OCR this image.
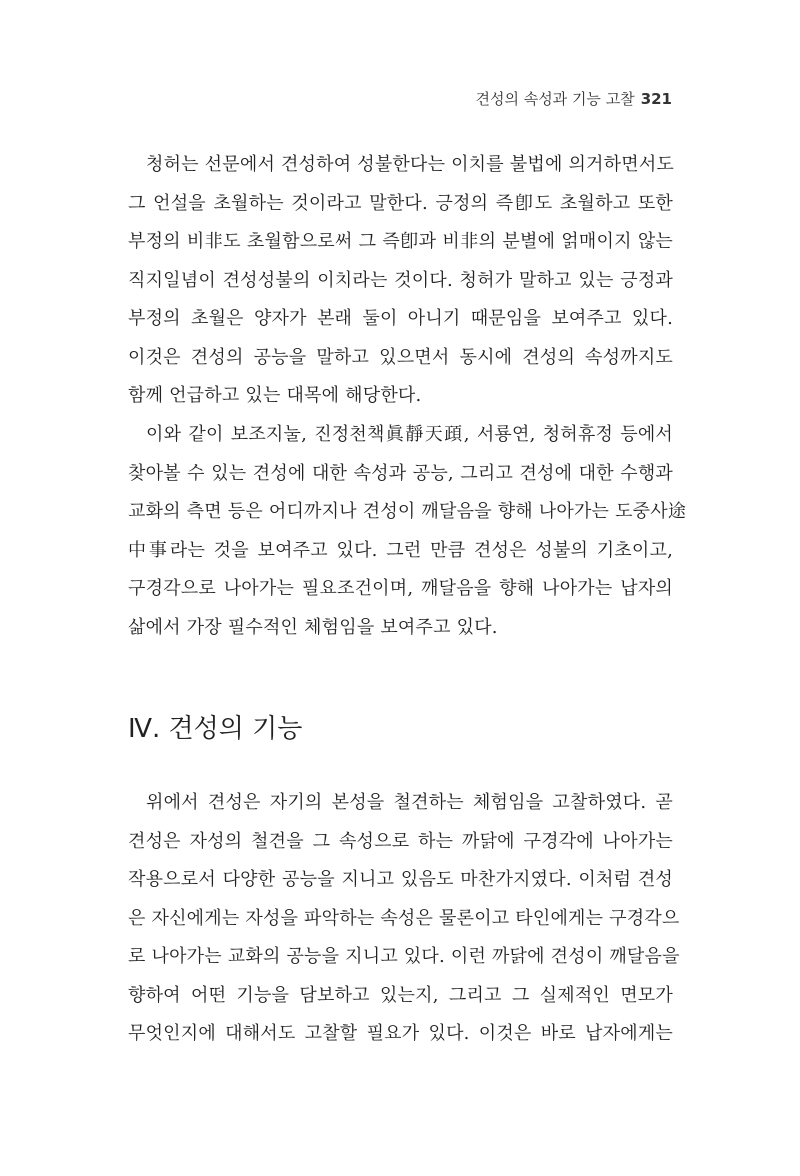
견성의 속성과 기능 고찰 321
청허는 선문에서 견성하여 성불한다는 이치를 불법에 의거하면서도
그 언설을 초월하는 것이라고 말한다. 긍정의 즉卽도 초월하고 또한
부정의 비非도 초월함으로써 그 즉卽과 비非의 분별에 얽매이지 않는
직지일념이 견성성불의 이치라는 것이다. 청허가 말하고 있는 긍정과
부정의 초월은 양자가 본래 둘이 아니기 때문임을 보여주고 있다.
이것은 견성의 공능을 말하고 있으면서 동시에 견성의 속성까지도
함께 언급하고 있는 대목에 해당한다.
이와 같이 보조지눌, 진정천책眞靜天頙, 서룡연, 청허휴정 등에서
찾아볼 수 있는 견성에 대한 속성과 공능, 그리고 견성에 대한 수행과
교화의 측면 등은 어디까지나 견성이 깨달음을 향해 나아가는 도중사途
中事라는 것을 보여주고 있다. 그런 만큼 견성은 성불의 기초이고,
구경각으로 나아가는 필요조건이며, 깨달음을 향해 나아가는 납자의
삶에서 가장 필수적인 체험임을 보여주고 있다.
Ⅳ. 견성의 기능
위에서 견성은 자기의 본성을 철견하는 체험임을 고찰하였다. 곧
견성은 자성의 철견을 그 속성으로 하는 까닭에 구경각에 나아가는
작용으로서 다양한 공능을 지니고 있음도 마찬가지였다. 이처럼 견성
은 자신에게는 자성을 파악하는 속성은 물론이고 타인에게는 구경각으
로 나아가는 교화의 공능을 지니고 있다. 이런 까닭에 견성이 깨달음을
향하여 어떤 기능을 담보하고 있는지, 그리고 그 실제적인 면모가
무엇인지에 대해서도 고찰할 필요가 있다. 이것은 바로 납자에게는
